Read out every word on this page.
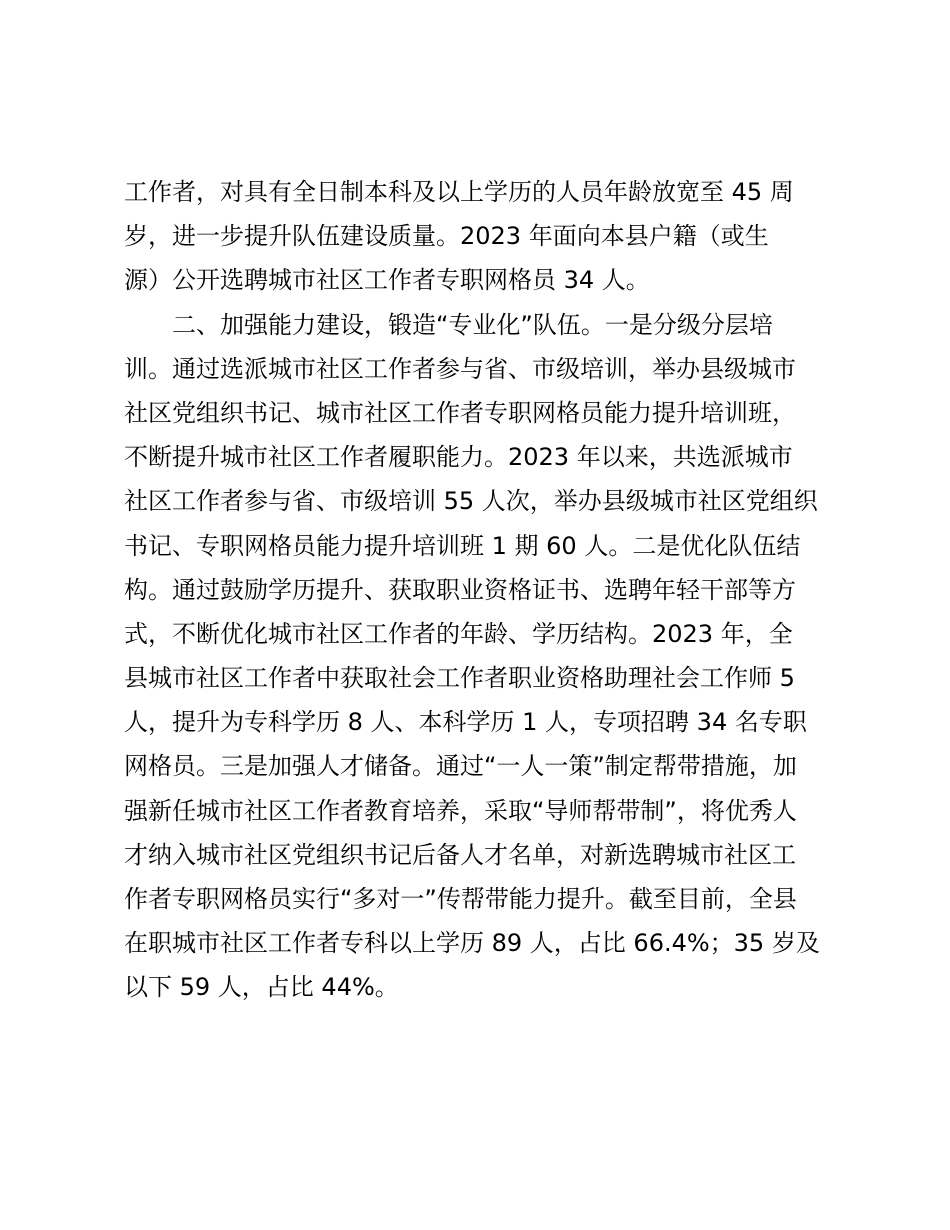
工作者，对具有全日制本科及以上学历的人员年龄放宽至 45 周
岁，进一步提升队伍建设质量。2023 年面向本县户籍（或生
源）公开选聘城市社区工作者专职网格员 34 人。
二、加强能力建设，锻造“专业化”队伍。一是分级分层培
训。通过选派城市社区工作者参与省、市级培训，举办县级城市
社区党组织书记、城市社区工作者专职网格员能力提升培训班，
不断提升城市社区工作者履职能力。2023 年以来，共选派城市
社区工作者参与省、市级培训 55 人次，举办县级城市社区党组织
书记、专职网格员能力提升培训班 1 期 60 人。二是优化队伍结
构。通过鼓励学历提升、获取职业资格证书、选聘年轻干部等方
式，不断优化城市社区工作者的年龄、学历结构。2023 年，全
县城市社区工作者中获取社会工作者职业资格助理社会工作师 5
人，提升为专科学历 8 人、本科学历 1 人，专项招聘 34 名专职
网格员。三是加强人才储备。通过“一人一策”制定帮带措施，加
强新任城市社区工作者教育培养，采取“导师帮带制”，将优秀人
才纳入城市社区党组织书记后备人才名单，对新选聘城市社区工
作者专职网格员实行“多对一”传帮带能力提升。截至目前，全县
在职城市社区工作者专科以上学历 89 人，占比 66.4%；35 岁及
以下 59 人，占比 44%。
